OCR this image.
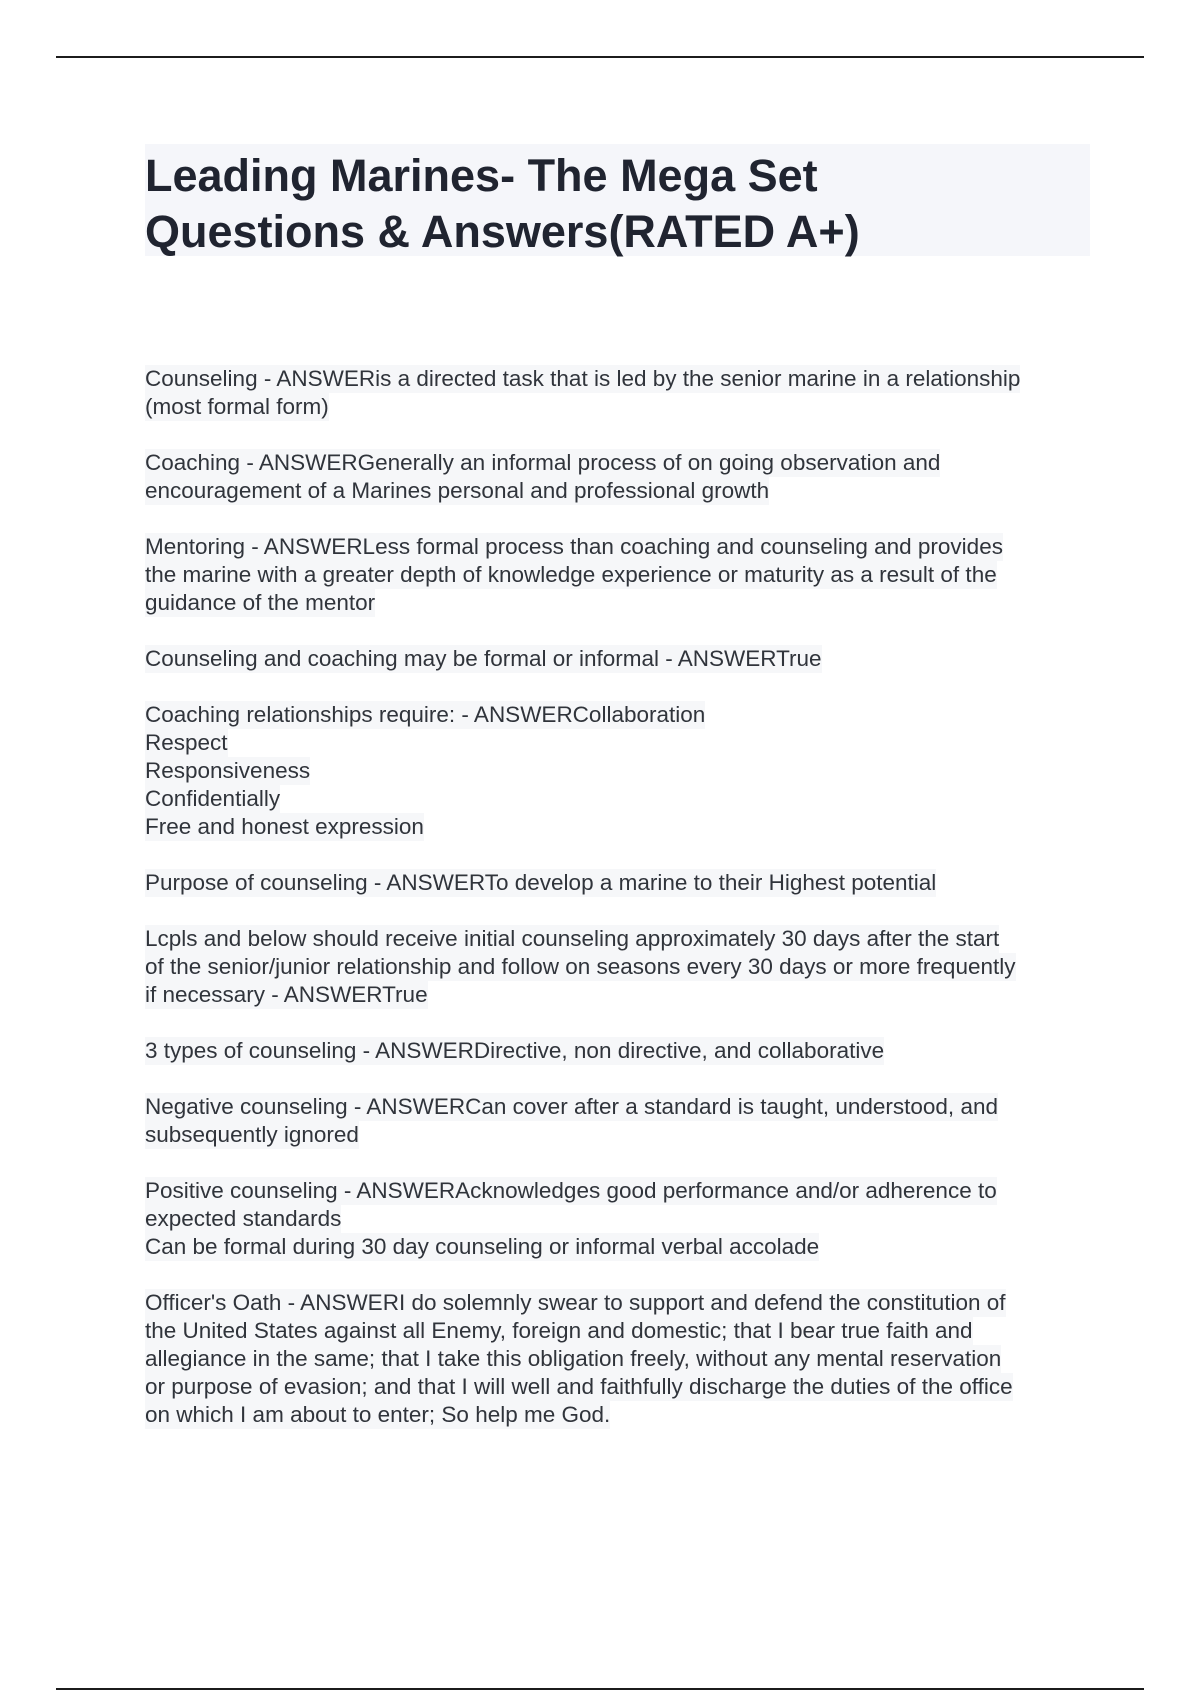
Leading Marines- The Mega Set
Questions & Answers(RATED A+)

Counseling - ANSWERis a directed task that is led by the senior marine in a relationship
(most formal form)

Coaching - ANSWERGenerally an informal process of on going observation and
encouragement of a Marines personal and professional growth

Mentoring - ANSWERLess formal process than coaching and counseling and provides
the marine with a greater depth of knowledge experience or maturity as a result of the
guidance of the mentor

Counseling and coaching may be formal or informal - ANSWERTrue

Coaching relationships require: - ANSWERCollaboration
Respect
Responsiveness
Confidentially
Free and honest expression

Purpose of counseling - ANSWERTo develop a marine to their Highest potential

Lcpls and below should receive initial counseling approximately 30 days after the start
of the senior/junior relationship and follow on seasons every 30 days or more frequently
if necessary - ANSWERTrue

3 types of counseling - ANSWERDirective, non directive, and collaborative

Negative counseling - ANSWERCan cover after a standard is taught, understood, and
subsequently ignored

Positive counseling - ANSWERAcknowledges good performance and/or adherence to
expected standards
Can be formal during 30 day counseling or informal verbal accolade

Officer's Oath - ANSWERI do solemnly swear to support and defend the constitution of
the United States against all Enemy, foreign and domestic; that I bear true faith and
allegiance in the same; that I take this obligation freely, without any mental reservation
or purpose of evasion; and that I will well and faithfully discharge the duties of the office
on which I am about to enter; So help me God.
